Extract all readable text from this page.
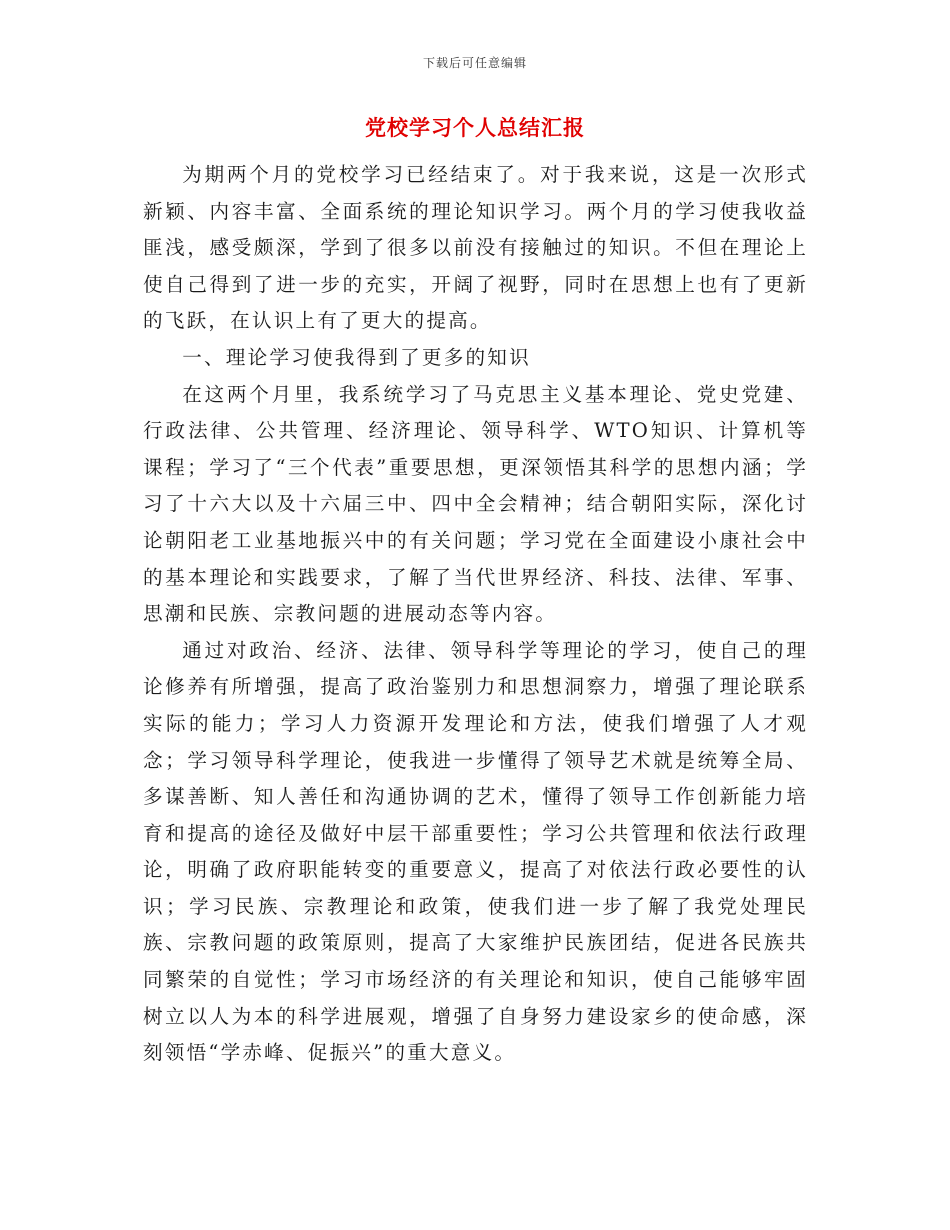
下载后可任意编辑
党校学习个人总结汇报

为期两个月的党校学习已经结束了。对于我来说，这是一次形式新颖、内容丰富、全面系统的理论知识学习。两个月的学习使我收益匪浅，感受颇深，学到了很多以前没有接触过的知识。不但在理论上使自己得到了进一步的充实，开阔了视野，同时在思想上也有了更新的飞跃，在认识上有了更大的提高。

一、理论学习使我得到了更多的知识

在这两个月里，我系统学习了马克思主义基本理论、党史党建、行政法律、公共管理、经济理论、领导科学、WTO知识、计算机等课程；学习了“三个代表”重要思想，更深领悟其科学的思想内涵；学习了十六大以及十六届三中、四中全会精神；结合朝阳实际，深化讨论朝阳老工业基地振兴中的有关问题；学习党在全面建设小康社会中的基本理论和实践要求，了解了当代世界经济、科技、法律、军事、思潮和民族、宗教问题的进展动态等内容。

通过对政治、经济、法律、领导科学等理论的学习，使自己的理论修养有所增强，提高了政治鉴别力和思想洞察力，增强了理论联系实际的能力；学习人力资源开发理论和方法，使我们增强了人才观念；学习领导科学理论，使我进一步懂得了领导艺术就是统筹全局、多谋善断、知人善任和沟通协调的艺术，懂得了领导工作创新能力培育和提高的途径及做好中层干部重要性；学习公共管理和依法行政理论，明确了政府职能转变的重要意义，提高了对依法行政必要性的认识；学习民族、宗教理论和政策，使我们进一步了解了我党处理民族、宗教问题的政策原则，提高了大家维护民族团结，促进各民族共同繁荣的自觉性；学习市场经济的有关理论和知识，使自己能够牢固树立以人为本的科学进展观，增强了自身努力建设家乡的使命感，深刻领悟“学赤峰、促振兴”的重大意义。
